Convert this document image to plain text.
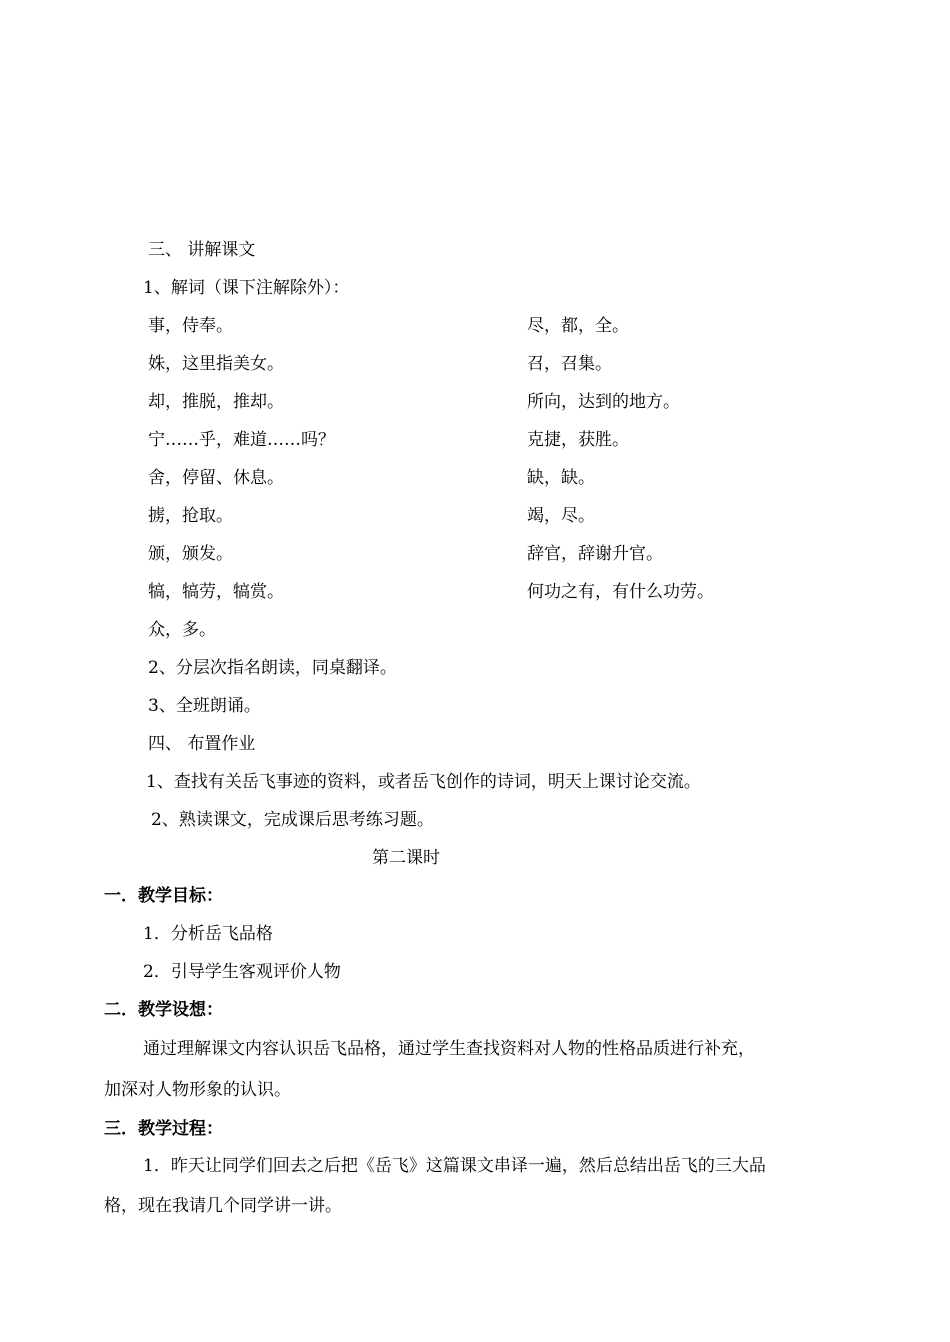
三、 讲解课文
1、解词（课下注解除外）：
事，侍奉。	尽，都，全。
姝，这里指美女。	召，召集。
却，推脱，推却。	所向，达到的地方。
宁……乎，难道……吗？	克捷，获胜。
舍，停留、休息。	缺，缺。
掳，抢取。	竭，尽。
颁，颁发。	辞官，辞谢升官。
犒，犒劳，犒赏。	何功之有，有什么功劳。
众，多。
2、分层次指名朗读，同桌翻译。
3、全班朗诵。
四、 布置作业
1、查找有关岳飞事迹的资料，或者岳飞创作的诗词，明天上课讨论交流。
2、熟读课文，完成课后思考练习题。
第二课时
一．教学目标：
1．分析岳飞品格
2．引导学生客观评价人物
二．教学设想：
通过理解课文内容认识岳飞品格，通过学生查找资料对人物的性格品质进行补充，
加深对人物形象的认识。
三．教学过程：
1．昨天让同学们回去之后把《岳飞》这篇课文串译一遍，然后总结出岳飞的三大品
格，现在我请几个同学讲一讲。
